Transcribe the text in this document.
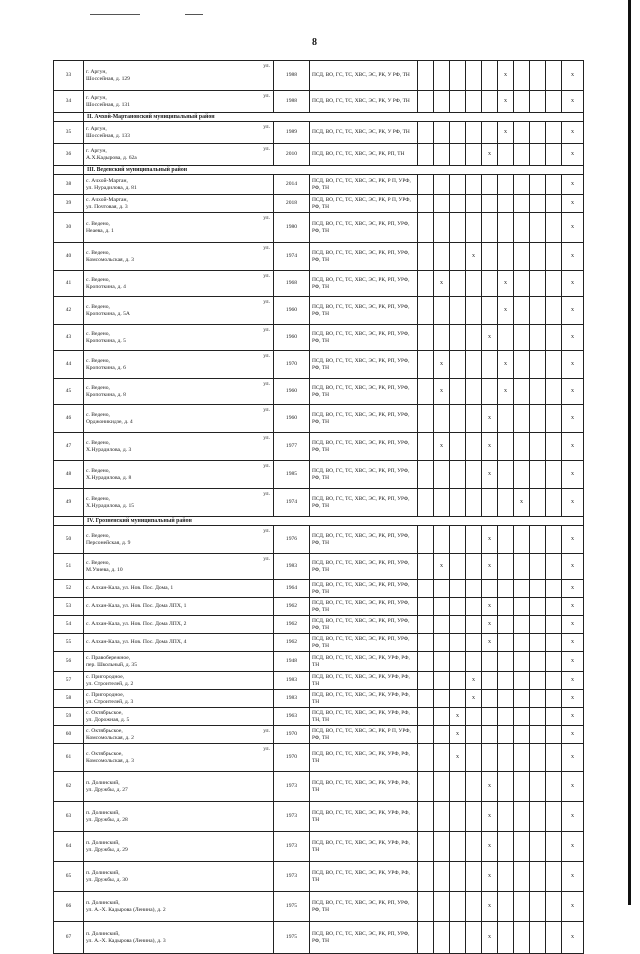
8
33	г. Аргун,
ул.
Шоссейная, д. 129	1988	ПСД, ВО, ГС, ТС, ХВС, ЭС, РК, У РФ, ТН						x				x
34	г. Аргун, ул.
Шоссейная, д. 131	1988	ПСД, ВО, ГС, ТС, ХВС, ЭС, РК, У РФ, ТН						x				x
	II. Ачхой-Мартановский муниципальный район												
35	г. Аргун, ул.
Шоссейная, д. 133	1989	ПСД, ВО, ГС, ТС, ХВС, ЭС, РК, У РФ, ТН						x				x
36	г. Аргун, ул.
А.Х.Кадырова, д. 62а	2010	ПСД, ВО, ГС, ТС, ХВС, ЭС, РК, РП, ТН					x					x
	III. Веденский муниципальный район												
38	с. Ачхой-Мартан,
ул. Нурадилова, д. 81	2014	ПСД, ВО, ГС, ТС, ХВС, ЭС, РК, Р П, УРФ, РФ, ТН										x
39	с. Ачхой-Мартан,
ул. Почтовая, д. 3	2018	ПСД, ВО, ГС, ТС, ХВС, ЭС, РК, Р П, УРФ, РФ, ТН										x
30	с. Ведено,
ул.
Неаева, д. 1	1980	ПСД, ВО, ГС, ТС, ХВС, ЭС, РК, РП, УРФ, РФ, ТН										x
40	с. Ведено,
ул.
Комсомольская, д. 3	1974	ПСД, ВО, ГС, ТС, ХВС, ЭС, РК, РП, УРФ, РФ, ТН				x						x
41	с. Ведено,
ул.
Кропоткина, д. 4	1968	ПСД, ВО, ГС, ТС, ХВС, ЭС, РК, РП, УРФ, РФ, ТН		x				x				x
42	с. Ведено,
ул.
Кропоткина, д. 5А	1960	ПСД, ВО, ГС, ТС, ХВС, ЭС, РК, РП, УРФ, РФ, ТН						x				x
43	с. Ведено,
ул.
Кропоткина, д. 5	1960	ПСД, ВО, ГС, ТС, ХВС, ЭС, РК, РП, УРФ, РФ, ТН					x					x
44	с. Ведено,
ул.
Кропоткина, д. 6	1970	ПСД, ВО, ГС, ТС, ХВС, ЭС, РК, РП, УРФ, РФ, ТН		x				x				x
45	с. Ведено,
ул.
Кропоткина, д. 8	1960	ПСД, ВО, ГС, ТС, ХВС, ЭС, РК, РП, УРФ, РФ, ТН		x				x				x
46	с. Ведено,
ул.
Орджоникидзе, д. 4	1960	ПСД, ВО, ГС, ТС, ХВС, ЭС, РК, РП, УРФ, РФ, ТН					x					x
47	с. Ведено,
ул.
Х.Нурадилова, д. 3	1977	ПСД, ВО, ГС, ТС, ХВС, ЭС, РК, РП, УРФ, РФ, ТН		x			x					x
48	с. Ведено,
ул.
Х.Нурадилова, д. 8	1985	ПСД, ВО, ГС, ТС, ХВС, ЭС, РК, РП, УРФ, РФ, ТН					x					x
49	с. Ведено,
ул.
Х.Нурадилова, д. 15	1974	ПСД, ВО, ГС, ТС, ХВС, ЭС, РК, РП, УРФ, РФ, ТН							x			x
	IV. Грозненский муниципальный район												
50	с. Ведено,
ул.
Персонейская, д. 9	1976	ПСД, ВО, ГС, ТС, ХВС, ЭС, РК, РП, УРФ, РФ, ТН					x					x
51	с. Ведено,
ул.
М.Узиева, д. 10	1983	ПСД, ВО, ГС, ТС, ХВС, ЭС, РК, РП, УРФ, РФ, ТН		x			x					x
52	с. Алхан-Кала, ул. Нов. Пос. Дома, 1	1964	ПСД, ВО, ГС, ТС, ХВС, ЭС, РК, РП, УРФ, РФ, ТН										x
53	с. Алхан-Кала, ул. Нов. Пос. Дома ЛПХ, 1	1962	ПСД, ВО, ГС, ТС, ХВС, ЭС, РК, РП, УРФ, РФ, ТН					x					x
54	с. Алхан-Кала, ул. Нов. Пос. Дома ЛПХ, 2	1962	ПСД, ВО, ГС, ТС, ХВС, ЭС, РК, РП, УРФ, РФ, ТН					x					x
55	с. Алхан-Кала, ул. Нов. Пос. Дома ЛПХ, 4	1962	ПСД, ВО, ГС, ТС, ХВС, ЭС, РК, РП, УРФ, РФ, ТН					x					x
56	с. Правобережное,
пер. Школьный, д. 35	1948	ПСД, ВО, ГС, ТС, ХВС, ЭС, РК, УРФ, РФ, ТН										x
57	с. Пригородное,
ул. Строителей, д. 2	1983	ПСД, ВО, ГС, ТС, ХВС, ЭС, РК, УРФ, РФ, ТН				x						x
58	с. Пригородное,
ул. Строителей, д. 3	1983	ПСД, ВО, ГС, ТС, ХВС, ЭС, РК, УРФ, РФ, ТН				x						x
59	с. Октябрьское,
ул. Дорожная, д. 5	1963	ПСД, ВО, ГС, ТС, ХВС, ЭС, РК, УРФ, РФ, ТН, ТН			x							x
60	с. Октябрьское, ул.
Комсомольская, д. 2	1970	ПСД, ВО, ГС, ТС, ХВС, ЭС, РК, Р П, УРФ, РФ, ТН			x							x
61	с. Октябрьское,
ул.
Комсомольская, д. 3	1970	ПСД, ВО, ГС, ТС, ХВС, ЭС, РК, УРФ, РФ, ТН			x							x
62	п. Долинский,
ул. Дружбы, д. 27	1973	ПСД, ВО, ГС, ТС, ХВС, ЭС, РК, УРФ, РФ, ТН					x					x
63	п. Долинский,
ул. Дружбы, д. 28	1973	ПСД, ВО, ГС, ТС, ХВС, ЭС, РК, УРФ, РФ, ТН					x					x
64	п. Долинский,
ул. Дружбы, д. 29	1973	ПСД, ВО, ГС, ТС, ХВС, ЭС, РК, УРФ, РФ, ТН					x					x
65	п. Долинский,
ул. Дружбы, д. 30	1973	ПСД, ВО, ГС, ТС, ХВС, ЭС, РК, УРФ, РФ, ТН					x					x
66	п. Долинский,
ул. А.-Х. Кадырова (Ленина), д. 2	1975	ПСД, ВО, ГС, ТС, ХВС, ЭС, РК, РП, УРФ, РФ, ТН					x					x
67	п. Долинский,
ул. А.-Х. Кадырова (Ленина), д. 3	1975	ПСД, ВО, ГС, ТС, ХВС, ЭС, РК, РП, УРФ, РФ, ТН					x					x
